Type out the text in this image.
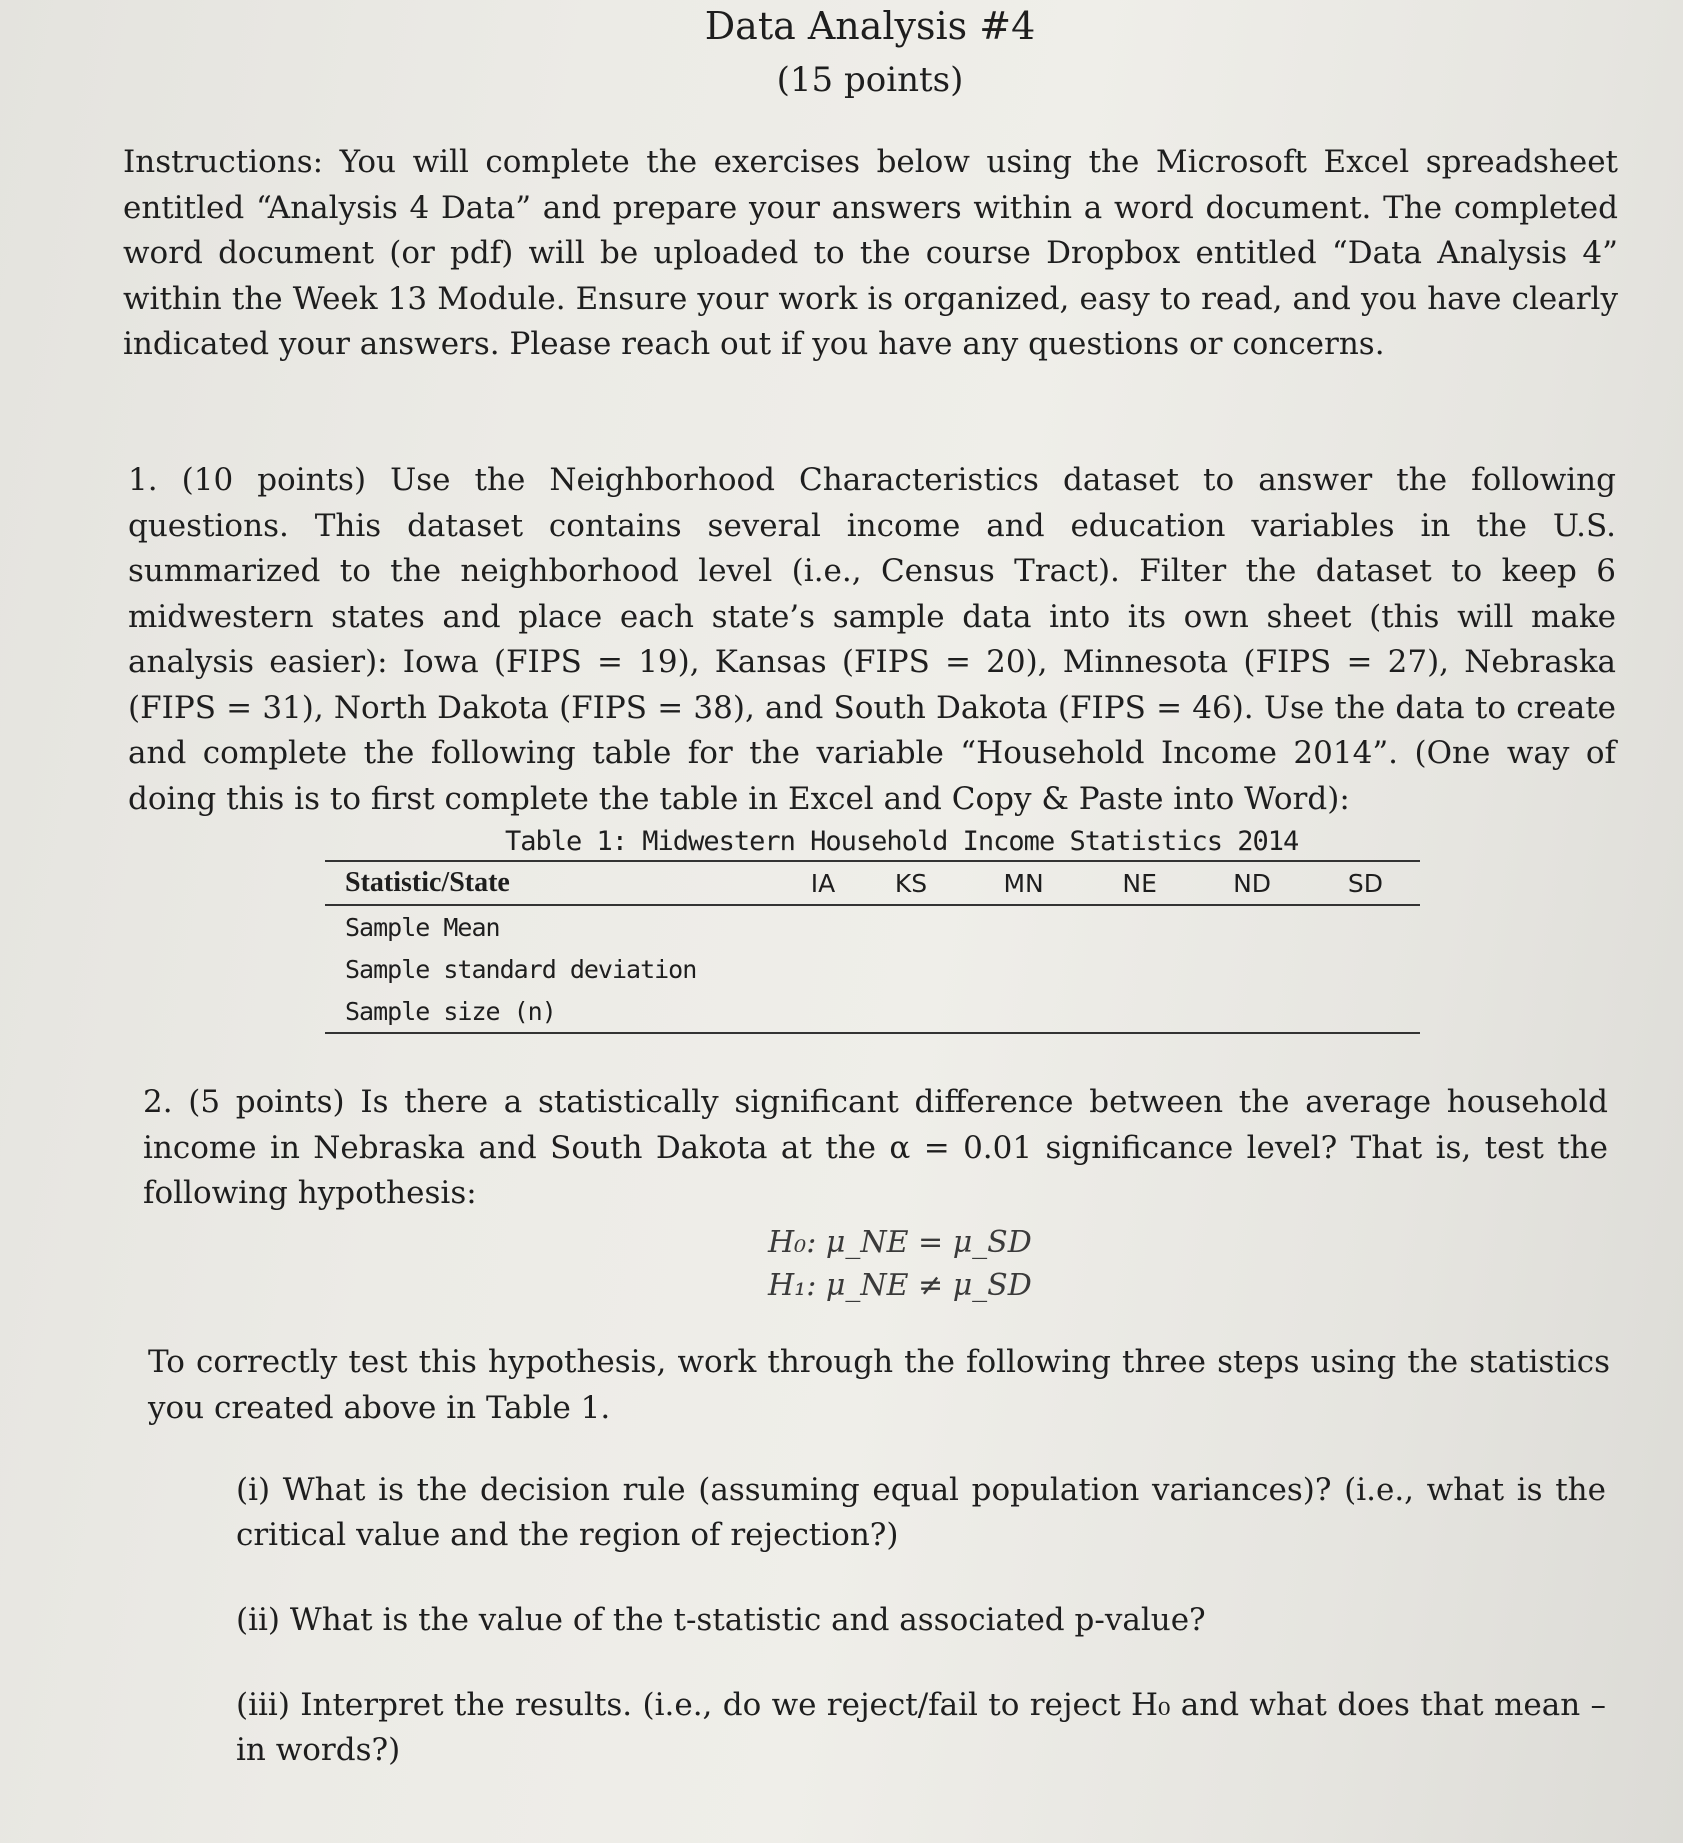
Data Analysis #4
(15 points)
Instructions: You will complete the exercises below using the Microsoft Excel spreadsheet entitled “Analysis 4 Data” and prepare your answers within a word document. The completed word document (or pdf) will be uploaded to the course Dropbox entitled “Data Analysis 4” within the Week 13 Module. Ensure your work is organized, easy to read, and you have clearly indicated your answers. Please reach out if you have any questions or concerns.
1. (10 points) Use the Neighborhood Characteristics dataset to answer the following questions. This dataset contains several income and education variables in the U.S. summarized to the neighborhood level (i.e., Census Tract). Filter the dataset to keep 6 midwestern states and place each state’s sample data into its own sheet (this will make analysis easier): Iowa (FIPS = 19), Kansas (FIPS = 20), Minnesota (FIPS = 27), Nebraska (FIPS = 31), North Dakota (FIPS = 38), and South Dakota (FIPS = 46). Use the data to create and complete the following table for the variable “Household Income 2014”. (One way of doing this is to first complete the table in Excel and Copy & Paste into Word):
Table 1: Midwestern Household Income Statistics 2014
Statistic/State	IA	KS	MN	NE	ND	SD
Sample Mean						
Sample standard deviation						
Sample size (n)						
2. (5 points) Is there a statistically significant difference between the average household income in Nebraska and South Dakota at the α = 0.01 significance level? That is, test the following hypothesis:
H₀: μ_NE = μ_SD
H₁: μ_NE ≠ μ_SD
To correctly test this hypothesis, work through the following three steps using the statistics you created above in Table 1.
(i) What is the decision rule (assuming equal population variances)? (i.e., what is the critical value and the region of rejection?)
(ii) What is the value of the t-statistic and associated p-value?
(iii) Interpret the results. (i.e., do we reject/fail to reject H₀ and what does that mean – in words?)
